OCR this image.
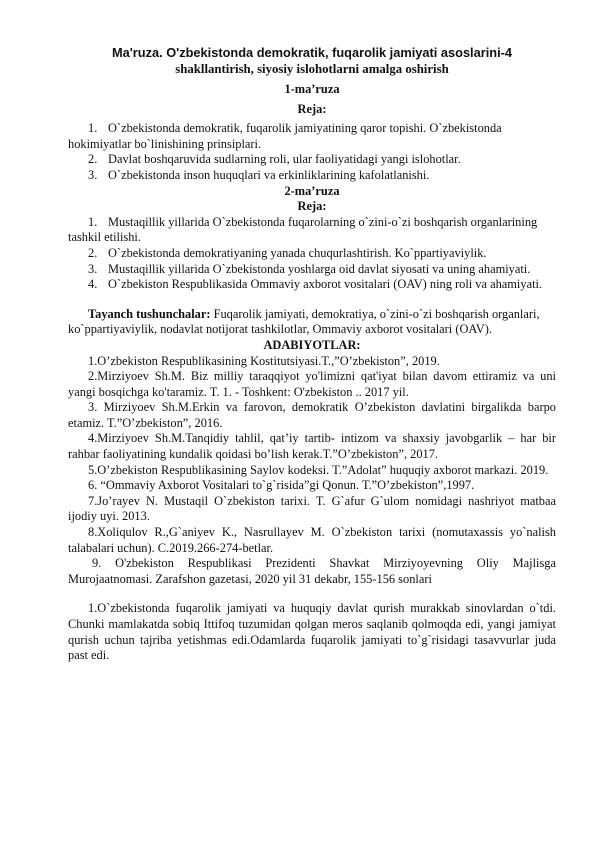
Ma'ruza. O'zbekistonda demokratik, fuqarolik jamiyati asoslarini-4
shakllantirish, siyosiy islohotlarni amalga oshirish
1-ma’ruza
Reja:
1. O`zbekistonda demokratik, fuqarolik jamiyatining qaror topishi. O`zbekistonda hokimiyatlar bo`linishining prinsiplari.
2. Davlat boshqaruvida sudlarning roli, ular faoliyatidagi yangi islohotlar.
3. O`zbekistonda inson huquqlari va erkinliklarining kafolatlanishi.
2-ma’ruza
Reja:
1. Mustaqillik yillarida O`zbekistonda fuqarolarning o`zini-o`zi boshqarish organlarining tashkil etilishi.
2. O`zbekistonda demokratiyaning yanada chuqurlashtirish. Ko`ppartiyaviylik.
3. Mustaqillik yillarida O`zbekistonda yoshlarga oid davlat siyosati va uning ahamiyati.
4. O`zbekiston Respublikasida Ommaviy axborot vositalari (OAV) ning roli va ahamiyati.
Tayanch tushunchalar: Fuqarolik jamiyati, demokratiya, o`zini-o`zi boshqarish organlari, ko`ppartiyaviylik, nodavlat notijorat tashkilotlar, Ommaviy axborot vositalari (OAV).
ADABIYOTLAR:
1.O’zbekiston Respublikasining Kostitutsiyasi.T.,”O’zbekiston”, 2019.
2.Mirziyoev Sh.M. Biz milliy taraqqiyot yo'limizni qat'iyat bilan davom ettiramiz va uni yangi bosqichga ko'taramiz. T. 1. - Toshkent: O'zbekiston .. 2017 yil.
3. Mirziyoev Sh.M.Erkin va farovon, demokratik O’zbekiston davlatini birgalikda barpo etamiz. T.”O’zbekiston”, 2016.
4.Mirziyoev Sh.M.Tanqidiy tahlil, qat’iy tartib- intizom va shaxsiy javobgarlik – har bir rahbar faoliyatining kundalik qoidasi bo’lish kerak.T.”O’zbekiston”, 2017.
5.O’zbekiston Respublikasining Saylov kodeksi. T.”Adolat” huquqiy axborot markazi. 2019.
6. “Ommaviy Axborot Vositalari to`g`risida”gi Qonun. T.”O’zbekiston”,1997.
7.Jo’rayev N. Mustaqil O`zbekiston tarixi. T. G`afur G`ulom nomidagi nashriyot matbaa ijodiy uyi. 2013.
8.Xoliqulov R.,G`aniyev K., Nasrullayev M. O`zbekiston tarixi (nomutaxassis yo`nalish talabalari uchun). C.2019.266-274-betlar.
9. O'zbekiston Respublikasi Prezidenti Shavkat Mirziyoyevning Oliy Majlisga Murojaatnomasi. Zarafshon gazetasi, 2020 yil 31 dekabr, 155-156 sonlari
1.O`zbekistonda fuqarolik jamiyati va huquqiy davlat qurish murakkab sinovlardan o`tdi. Chunki mamlakatda sobiq Ittifoq tuzumidan qolgan meros saqlanib qolmoqda edi, yangi jamiyat qurish uchun tajriba yetishmas edi.Odamlarda fuqarolik jamiyati to`g`risidagi tasavvurlar juda past edi.
